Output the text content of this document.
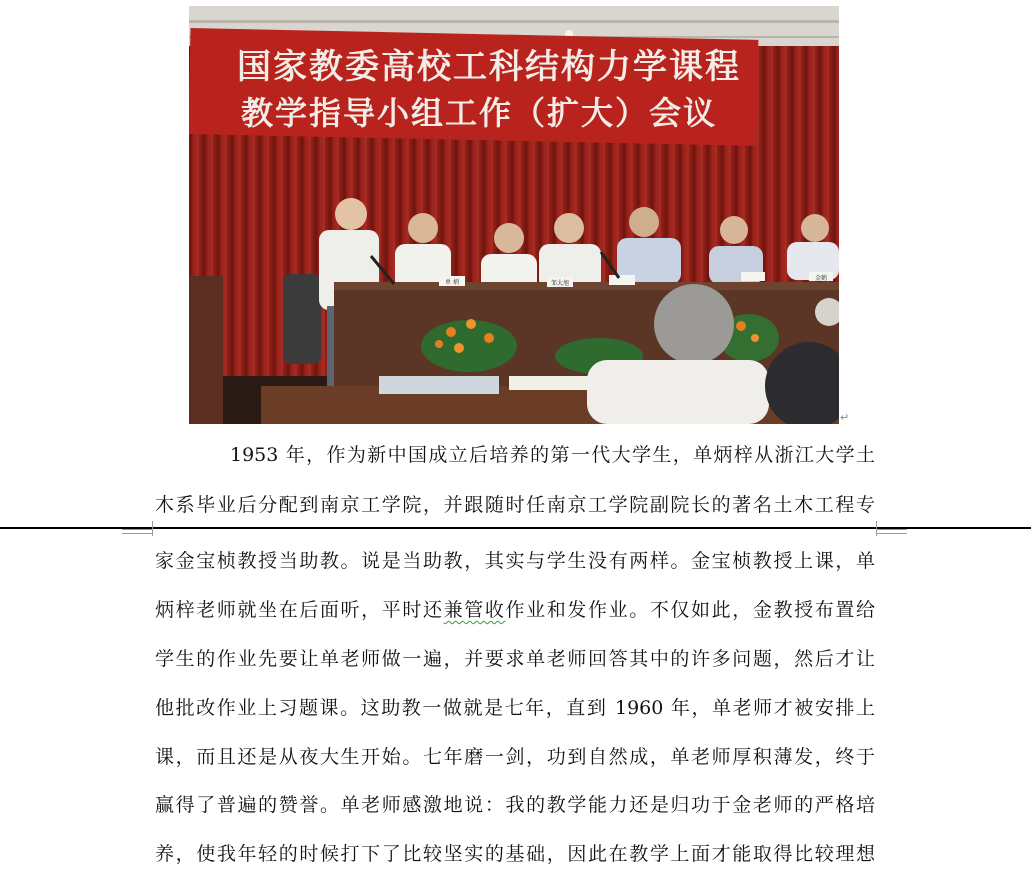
国家教委高校工科结构力学课程
教学指导小组工作（扩大）会议
单 炳	邹大旭
金鹤
↵
1953 年，作为新中国成立后培养的第一代大学生，单炳梓从浙江大学土
木系毕业后分配到南京工学院，并跟随时任南京工学院副院长的著名土木工程专
家金宝桢教授当助教。说是当助教，其实与学生没有两样。金宝桢教授上课，单
炳梓老师就坐在后面听，平时还兼管收作业和发作业。不仅如此，金教授布置给
学生的作业先要让单老师做一遍，并要求单老师回答其中的许多问题，然后才让
他批改作业上习题课。这助教一做就是七年，直到 1960 年，单老师才被安排上
课，而且还是从夜大生开始。七年磨一剑，功到自然成，单老师厚积薄发，终于
赢得了普遍的赞誉。单老师感激地说：我的教学能力还是归功于金老师的严格培
养，使我年轻的时候打下了比较坚实的基础，因此在教学上面才能取得比较理想
